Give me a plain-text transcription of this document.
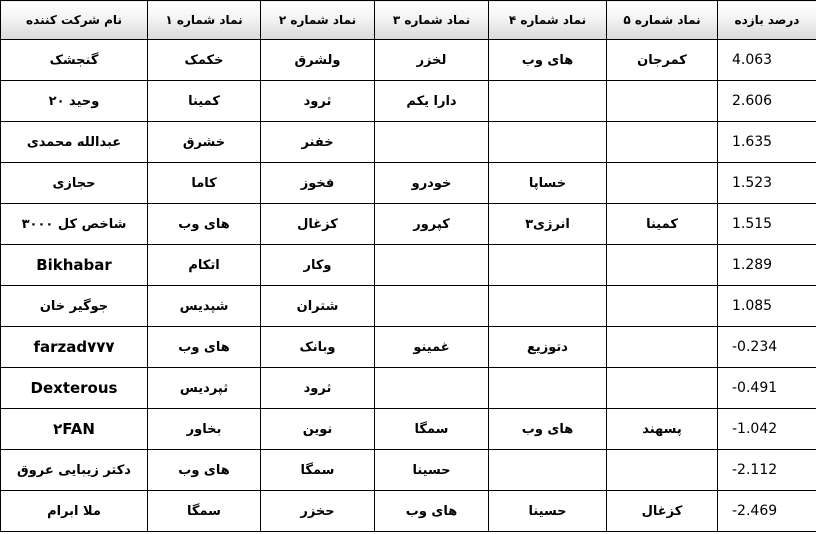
درصد بازده	نماد شماره ۵	نماد شماره ۴	نماد شماره ۳	نماد شماره ۲	نماد شماره ۱	نام شرکت کننده
4.063	کمرجان	های وب	لخزر	ولشرق	خکمک	گنجشک
2.606			دارا یکم	ثرود	کمینا	وحید ۲۰
1.635				خفنر	خشرق	عبدالله محمدی
1.523		خساپا	خودرو	فخوز	کاما	حجازی
1.515	کمینا	انرژی۳	کپرور	کزغال	های وب	شاخص کل ۳۰۰۰
1.289				وکار	اتکام	Bikhabar
1.085				شتران	شپدیس	جوگیر خان
-0.234		دتوزیع	غمینو	وبانک	های وب	farzad۷۷۷
-0.491				ثرود	ثپردیس	Dexterous
-1.042	پسهند	های وب	سمگا	نوین	بخاور	۲FAN
-2.112			حسینا	سمگا	های وب	دکتر زیبایی عروق
-2.469	کزغال	حسینا	های وب	حخزر	سمگا	ملا ابرام
